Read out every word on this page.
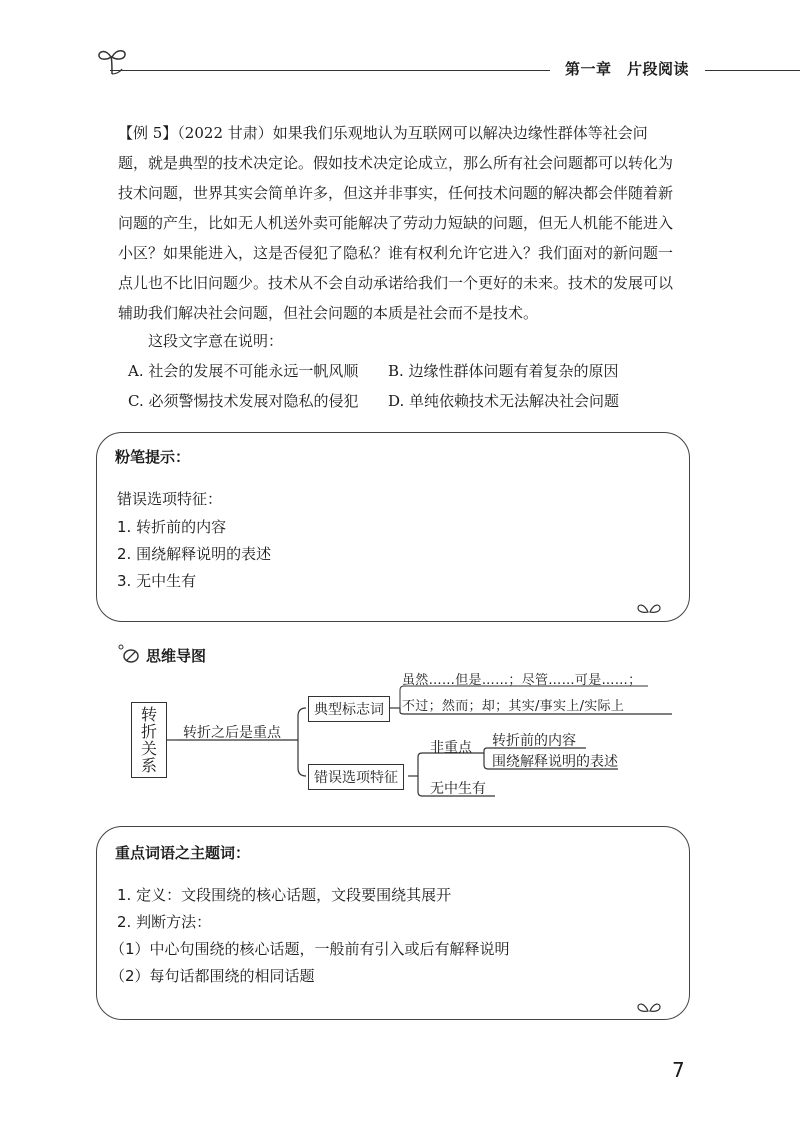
第一章　片段阅读
【例 5】（2022 甘肃）如果我们乐观地认为互联网可以解决边缘性群体等社会问
题，就是典型的技术决定论。假如技术决定论成立，那么所有社会问题都可以转化为
技术问题，世界其实会简单许多，但这并非事实，任何技术问题的解决都会伴随着新
问题的产生，比如无人机送外卖可能解决了劳动力短缺的问题，但无人机能不能进入
小区？如果能进入，这是否侵犯了隐私？谁有权利允许它进入？我们面对的新问题一
点儿也不比旧问题少。技术从不会自动承诺给我们一个更好的未来。技术的发展可以
辅助我们解决社会问题，但社会问题的本质是社会而不是技术。
这段文字意在说明：
A. 社会的发展不可能永远一帆风顺 B. 边缘性群体问题有着复杂的原因
C. 必须警惕技术发展对隐私的侵犯 D. 单纯依赖技术无法解决社会问题
粉笔提示：
错误选项特征：
1. 转折前的内容
2. 围绕解释说明的表述
3. 无中生有
思维导图
转
折
关
系
转折之后是重点
典型标志词
虽然……但是……；尽管……可是……；
不过；然而；却；其实/事实上/实际上
错误选项特征
非重点 转折前的内容
围绕解释说明的表述
无中生有
重点词语之主题词：
1. 定义：文段围绕的核心话题，文段要围绕其展开
2. 判断方法：
（1）中心句围绕的核心话题，一般前有引入或后有解释说明
（2）每句话都围绕的相同话题
7
